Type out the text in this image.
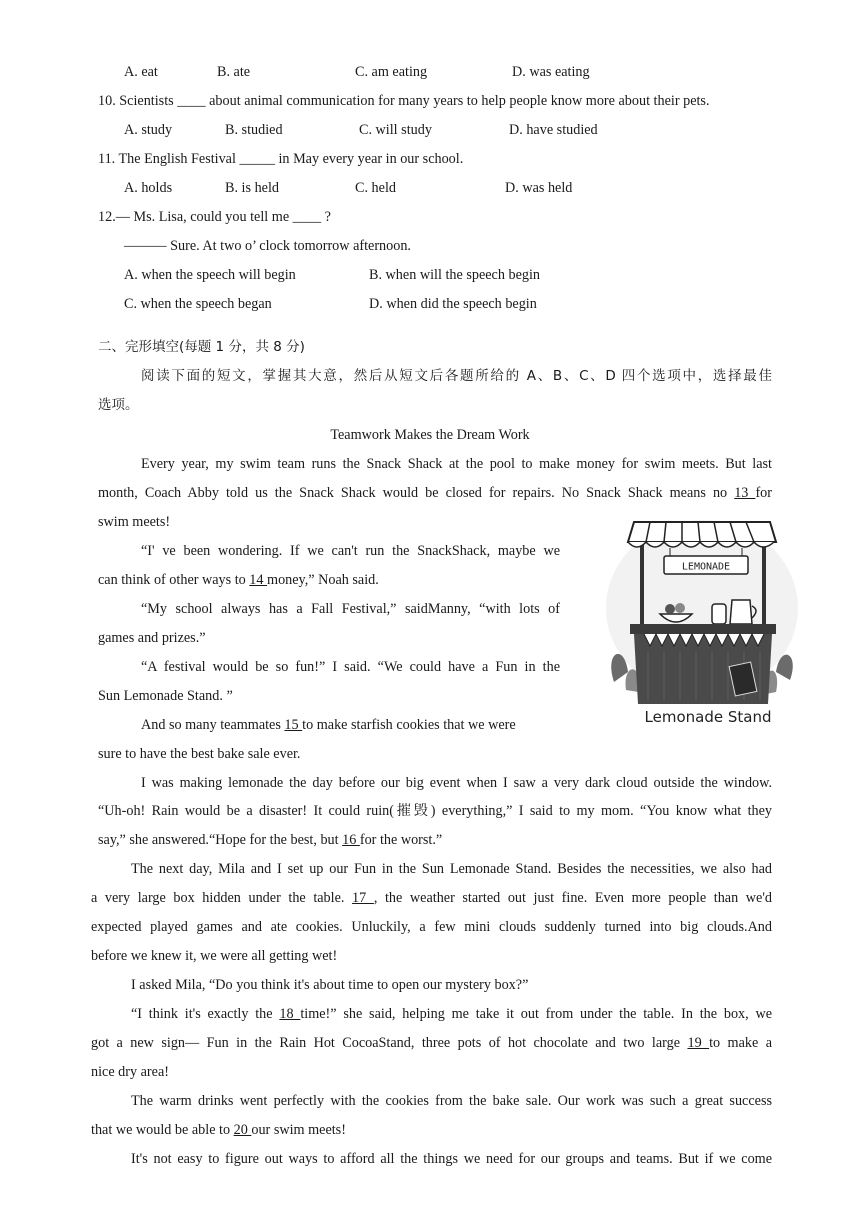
A. eat	B. ate	C. am eating	D. was eating
10. Scientists ____ about animal communication for many years to help people know more about their pets.
A. study	B. studied	C. will study	D. have studied
11. The English Festival _____ in May every year in our school.
A. holds	B. is held	C. held	D. was held
12.— Ms. Lisa, could you tell me ____ ?
——— Sure. At two o’ clock tomorrow afternoon.
A. when the speech will begin	B. when will the speech begin
C. when the speech began	D. when did the speech begin
二、完形填空(每题 1 分，共 8 分)
阅读下面的短文，掌握其大意，然后从短文后各题所给的 A、B、C、D 四个选项中，选择最佳
选项。
Teamwork Makes the Dream Work
Every year, my swim team runs the Snack Shack at the pool to make money for swim meets. But last
month, Coach Abby told us the Snack Shack would be closed for repairs. No Snack Shack means no 13 for
swim meets!
“I' ve been wondering. If we can't run the SnackShack, maybe we
can think of other ways to 14 money,” Noah said.
“My school always has a Fall Festival,” saidManny, “with lots of
games and prizes.”
“A festival would be so fun!” I said. “We could have a Fun in the
Sun Lemonade Stand. ”
And so many teammates 15 to make starfish cookies that we were
sure to have the best bake sale ever.
I was making lemonade the day before our big event when I saw a very dark cloud outside the window.
“Uh-oh! Rain would be a disaster! It could ruin(摧毁) everything,” I said to my mom. “You know what they
say,” she answered.“Hope for the best, but 16 for the worst.”
The next day, Mila and I set up our Fun in the Sun Lemonade Stand. Besides the necessities, we also had
a very large box hidden under the table. 17 , the weather started out just fine. Even more people than we'd
expected played games and ate cookies. Unluckily, a few mini clouds suddenly turned into big clouds.And
before we knew it, we were all getting wet!
I asked Mila, “Do you think it's about time to open our mystery box?”
“I think it's exactly the 18 time!” she said, helping me take it out from under the table. In the box, we
got a new sign— Fun in the Rain Hot CocoaStand, three pots of hot chocolate and two large 19 to make a
nice dry area!
The warm drinks went perfectly with the cookies from the bake sale. Our work was such a great success
that we would be able to 20 our swim meets!
It's not easy to figure out ways to afford all the things we need for our groups and teams. But if we come
LEMONADE
Lemonade Stand
